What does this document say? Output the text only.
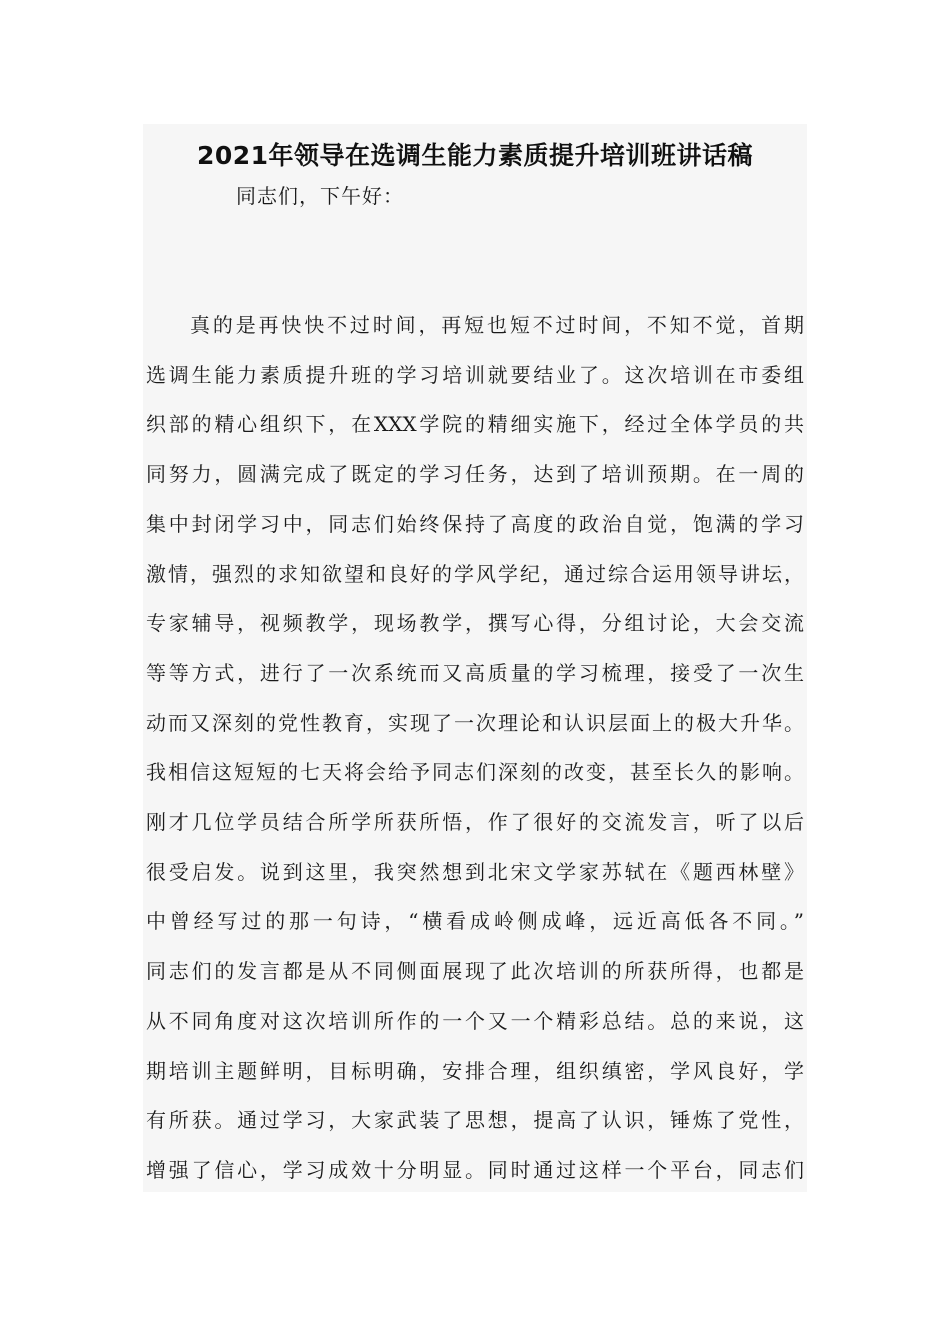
2021年领导在选调生能力素质提升培训班讲话稿

同志们，下午好：

真的是再快快不过时间，再短也短不过时间，不知不觉，首期
选调生能力素质提升班的学习培训就要结业了。这次培训在市委组
织部的精心组织下，在XXX学院的精细实施下，经过全体学员的共
同努力，圆满完成了既定的学习任务，达到了培训预期。在一周的
集中封闭学习中，同志们始终保持了高度的政治自觉，饱满的学习
激情，强烈的求知欲望和良好的学风学纪，通过综合运用领导讲坛，
专家辅导，视频教学，现场教学，撰写心得，分组讨论，大会交流
等等方式，进行了一次系统而又高质量的学习梳理，接受了一次生
动而又深刻的党性教育，实现了一次理论和认识层面上的极大升华。
我相信这短短的七天将会给予同志们深刻的改变，甚至长久的影响。
刚才几位学员结合所学所获所悟，作了很好的交流发言，听了以后
很受启发。说到这里，我突然想到北宋文学家苏轼在《题西林壁》
中曾经写过的那一句诗，“横看成岭侧成峰，远近高低各不同。”
同志们的发言都是从不同侧面展现了此次培训的所获所得，也都是
从不同角度对这次培训所作的一个又一个精彩总结。总的来说，这
期培训主题鲜明，目标明确，安排合理，组织缜密，学风良好，学
有所获。通过学习，大家武装了思想，提高了认识，锤炼了党性，
增强了信心，学习成效十分明显。同时通过这样一个平台，同志们
